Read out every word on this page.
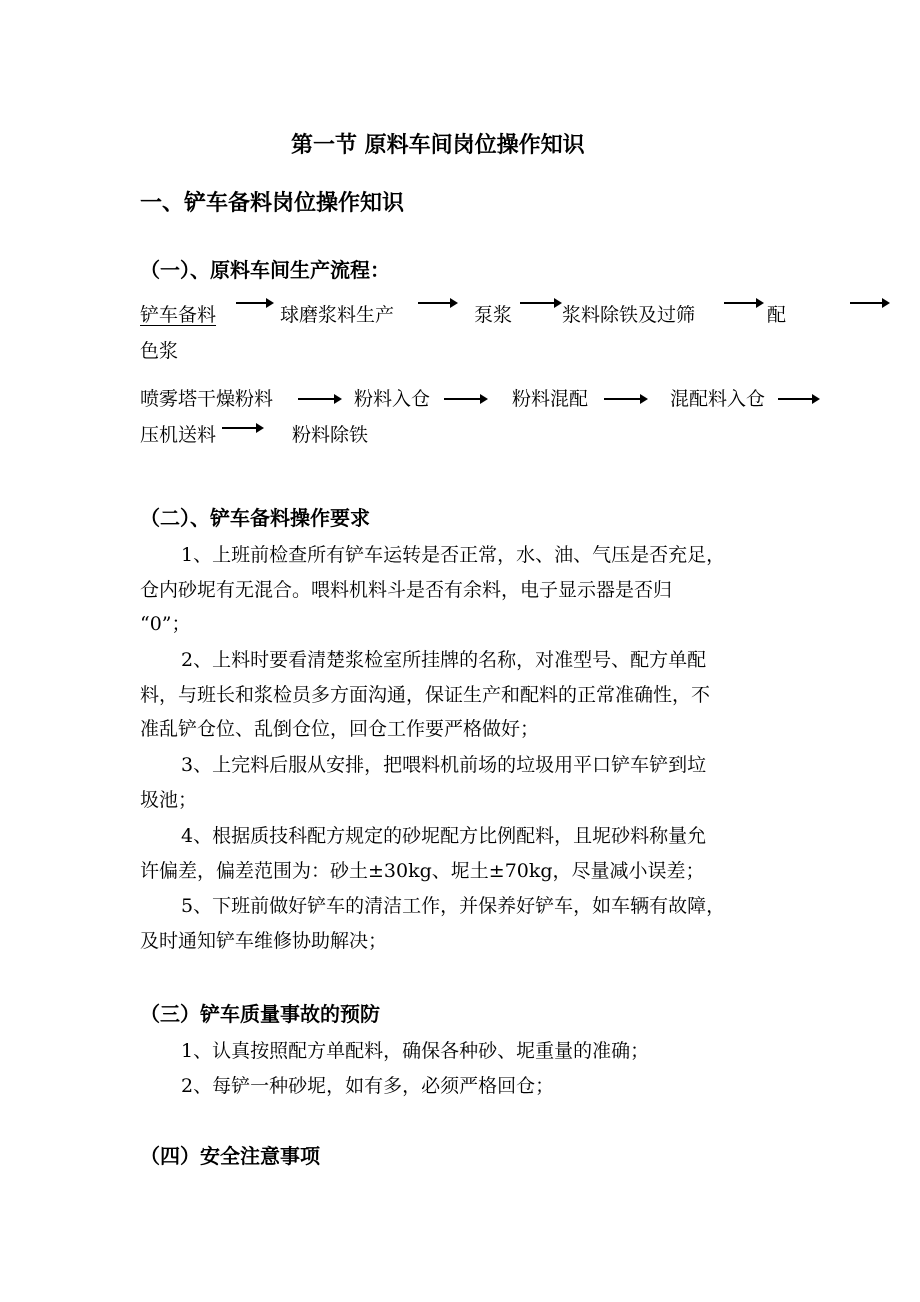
第一节 原料车间岗位操作知识
一、铲车备料岗位操作知识
（一）、原料车间生产流程：
铲车备料	球磨浆料生产	泵浆	浆料除铁及过筛	配
色浆
喷雾塔干燥粉料	粉料入仓	粉料混配	混配料入仓
压机送料	粉料除铁
（二）、铲车备料操作要求
1、上班前检查所有铲车运转是否正常，水、油、气压是否充足，
仓内砂坭有无混合。喂料机料斗是否有余料，电子显示器是否归
“0”；
2、上料时要看清楚浆检室所挂牌的名称，对准型号、配方单配
料，与班长和浆检员多方面沟通，保证生产和配料的正常准确性，不
准乱铲仓位、乱倒仓位，回仓工作要严格做好；
3、上完料后服从安排，把喂料机前场的垃圾用平口铲车铲到垃
圾池；
4、根据质技科配方规定的砂坭配方比例配料，且坭砂料称量允
许偏差，偏差范围为：砂土±30kg、坭土±70kg，尽量减小误差；
5、下班前做好铲车的清洁工作，并保养好铲车，如车辆有故障，
及时通知铲车维修协助解决；
（三）铲车质量事故的预防
1、认真按照配方单配料，确保各种砂、坭重量的准确；
2、每铲一种砂坭，如有多，必须严格回仓；
（四）安全注意事项
